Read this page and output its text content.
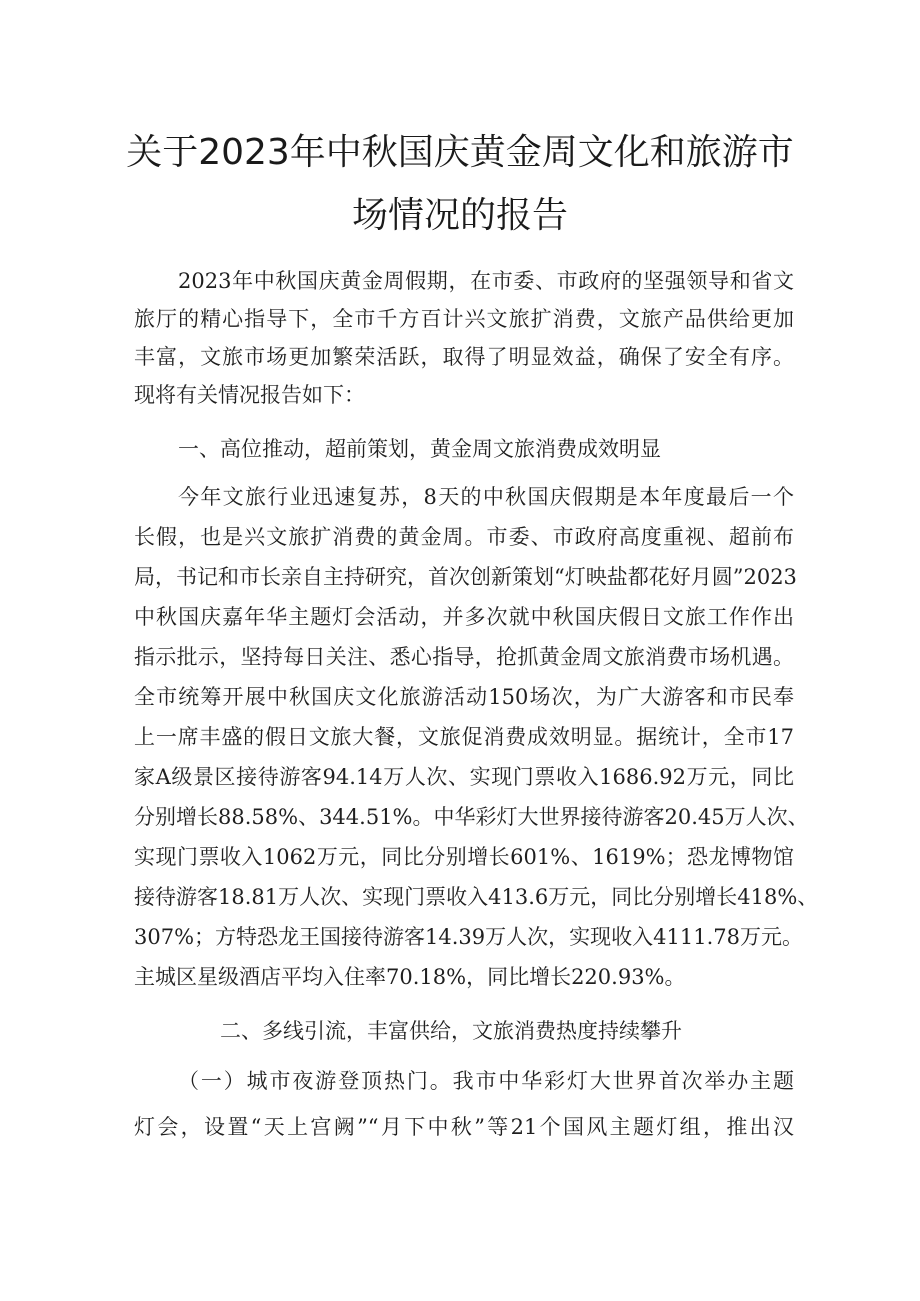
关于2023年中秋国庆黄金周文化和旅游市
场情况的报告
2023年中秋国庆黄金周假期，在市委、市政府的坚强领导和省文
旅厅的精心指导下，全市千方百计兴文旅扩消费，文旅产品供给更加
丰富，文旅市场更加繁荣活跃，取得了明显效益，确保了安全有序。
现将有关情况报告如下：
一、高位推动，超前策划，黄金周文旅消费成效明显
今年文旅行业迅速复苏，8天的中秋国庆假期是本年度最后一个
长假，也是兴文旅扩消费的黄金周。市委、市政府高度重视、超前布
局，书记和市长亲自主持研究，首次创新策划“灯映盐都花好月圆”2023
中秋国庆嘉年华主题灯会活动，并多次就中秋国庆假日文旅工作作出
指示批示，坚持每日关注、悉心指导，抢抓黄金周文旅消费市场机遇。
全市统筹开展中秋国庆文化旅游活动150场次，为广大游客和市民奉
上一席丰盛的假日文旅大餐，文旅促消费成效明显。据统计，全市17
家A级景区接待游客94.14万人次、实现门票收入1686.92万元，同比
分别增长88.58%、344.51%。中华彩灯大世界接待游客20.45万人次、
实现门票收入1062万元，同比分别增长601%、1619%；恐龙博物馆
接待游客18.81万人次、实现门票收入413.6万元，同比分别增长418%、
307%；方特恐龙王国接待游客14.39万人次，实现收入4111.78万元。
主城区星级酒店平均入住率70.18%，同比增长220.93%。
二、多线引流，丰富供给，文旅消费热度持续攀升
（一）城市夜游登顶热门。我市中华彩灯大世界首次举办主题
灯会，设置“天上宫阙”“月下中秋”等21个国风主题灯组，推出汉
